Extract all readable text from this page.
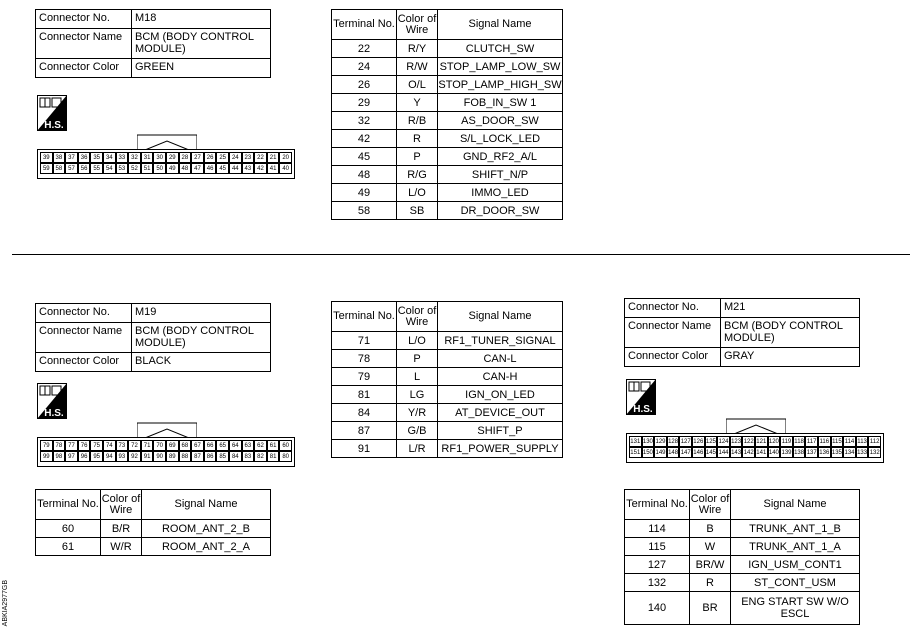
Connector No.	M18
Connector Name	BCM (BODY CONTROL MODULE)
Connector Color	GREEN
H.S.
39 38 37 36 35 34 33 32 31 30 29 28 27 26 25 24 23 22 21 20
59 58 57 56 55 54 53 52 51 50 49 48 47 46 45 44 43 42 41 40
Terminal No.	Color of Wire	Signal Name
22	R/Y	CLUTCH_SW
24	R/W	STOP_LAMP_LOW_SW
26	O/L	STOP_LAMP_HIGH_SW
29	Y	FOB_IN_SW 1
32	R/B	AS_DOOR_SW
42	R	S/L_LOCK_LED
45	P	GND_RF2_A/L
48	R/G	SHIFT_N/P
49	L/O	IMMO_LED
58	SB	DR_DOOR_SW
Connector No.	M19
Connector Name	BCM (BODY CONTROL MODULE)
Connector Color	BLACK
H.S.
79 78 77 76 75 74 73 72 71 70 69 68 67 66 65 64 63 62 61 60
99 98 97 96 95 94 93 92 91 90 89 88 87 86 85 84 83 82 81 80
Terminal No.	Color of Wire	Signal Name
71	L/O	RF1_TUNER_SIGNAL
78	P	CAN-L
79	L	CAN-H
81	LG	IGN_ON_LED
84	Y/R	AT_DEVICE_OUT
87	G/B	SHIFT_P
91	L/R	RF1_POWER_SUPPLY
Terminal No.	Color of Wire	Signal Name
60	B/R	ROOM_ANT_2_B
61	W/R	ROOM_ANT_2_A
Connector No.	M21
Connector Name	BCM (BODY CONTROL MODULE)
Connector Color	GRAY
H.S.
131 130 129 128 127 126 125 124 123 122 121 120 119 118 117 116 115 114 113 112
151 150 149 148 147 146 145 144 143 142 141 140 139 138 137 136 135 134 133 132
Terminal No.	Color of Wire	Signal Name
114	B	TRUNK_ANT_1_B
115	W	TRUNK_ANT_1_A
127	BR/W	IGN_USM_CONT1
132	R	ST_CONT_USM
140	BR	ENG START SW W/O ESCL
ABKIA2977GB
